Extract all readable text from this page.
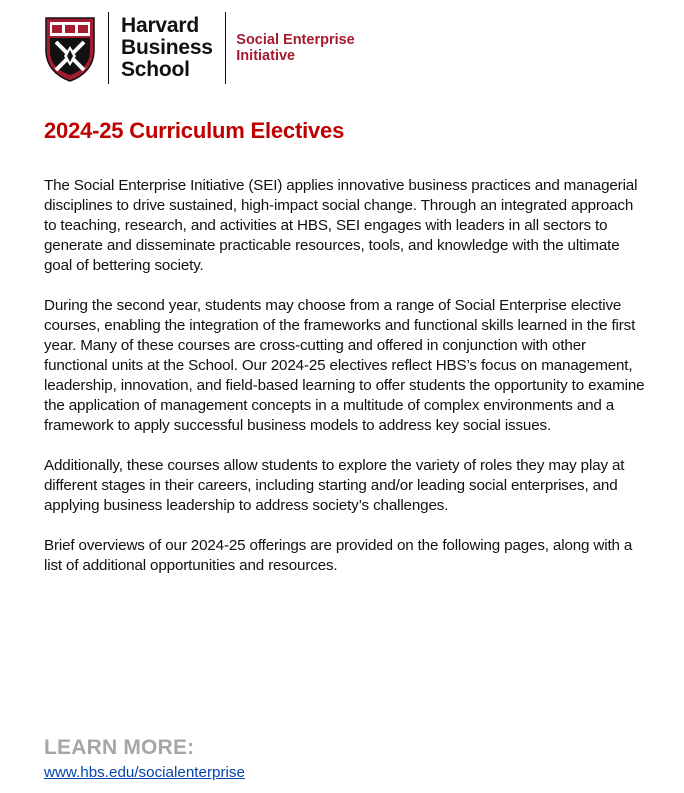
Harvard
Business
School
Social Enterprise
Initiative
2024-25 Curriculum Electives

The Social Enterprise Initiative (SEI) applies innovative business practices and managerial disciplines to drive sustained, high-impact social change. Through an integrated approach to teaching, research, and activities at HBS, SEI engages with leaders in all sectors to generate and disseminate practicable resources, tools, and knowledge with the ultimate goal of bettering society.

During the second year, students may choose from a range of Social Enterprise elective courses, enabling the integration of the frameworks and functional skills learned in the first year. Many of these courses are cross-cutting and offered in conjunction with other functional units at the School. Our 2024-25 electives reflect HBS’s focus on management, leadership, innovation, and field-based learning to offer students the opportunity to examine the application of management concepts in a multitude of complex environments and a framework to apply successful business models to address key social issues.

Additionally, these courses allow students to explore the variety of roles they may play at different stages in their careers, including starting and/or leading social enterprises, and applying business leadership to address society’s challenges.

Brief overviews of our 2024-25 offerings are provided on the following pages, along with a list of additional opportunities and resources.

LEARN MORE:
www.hbs.edu/socialenterprise
